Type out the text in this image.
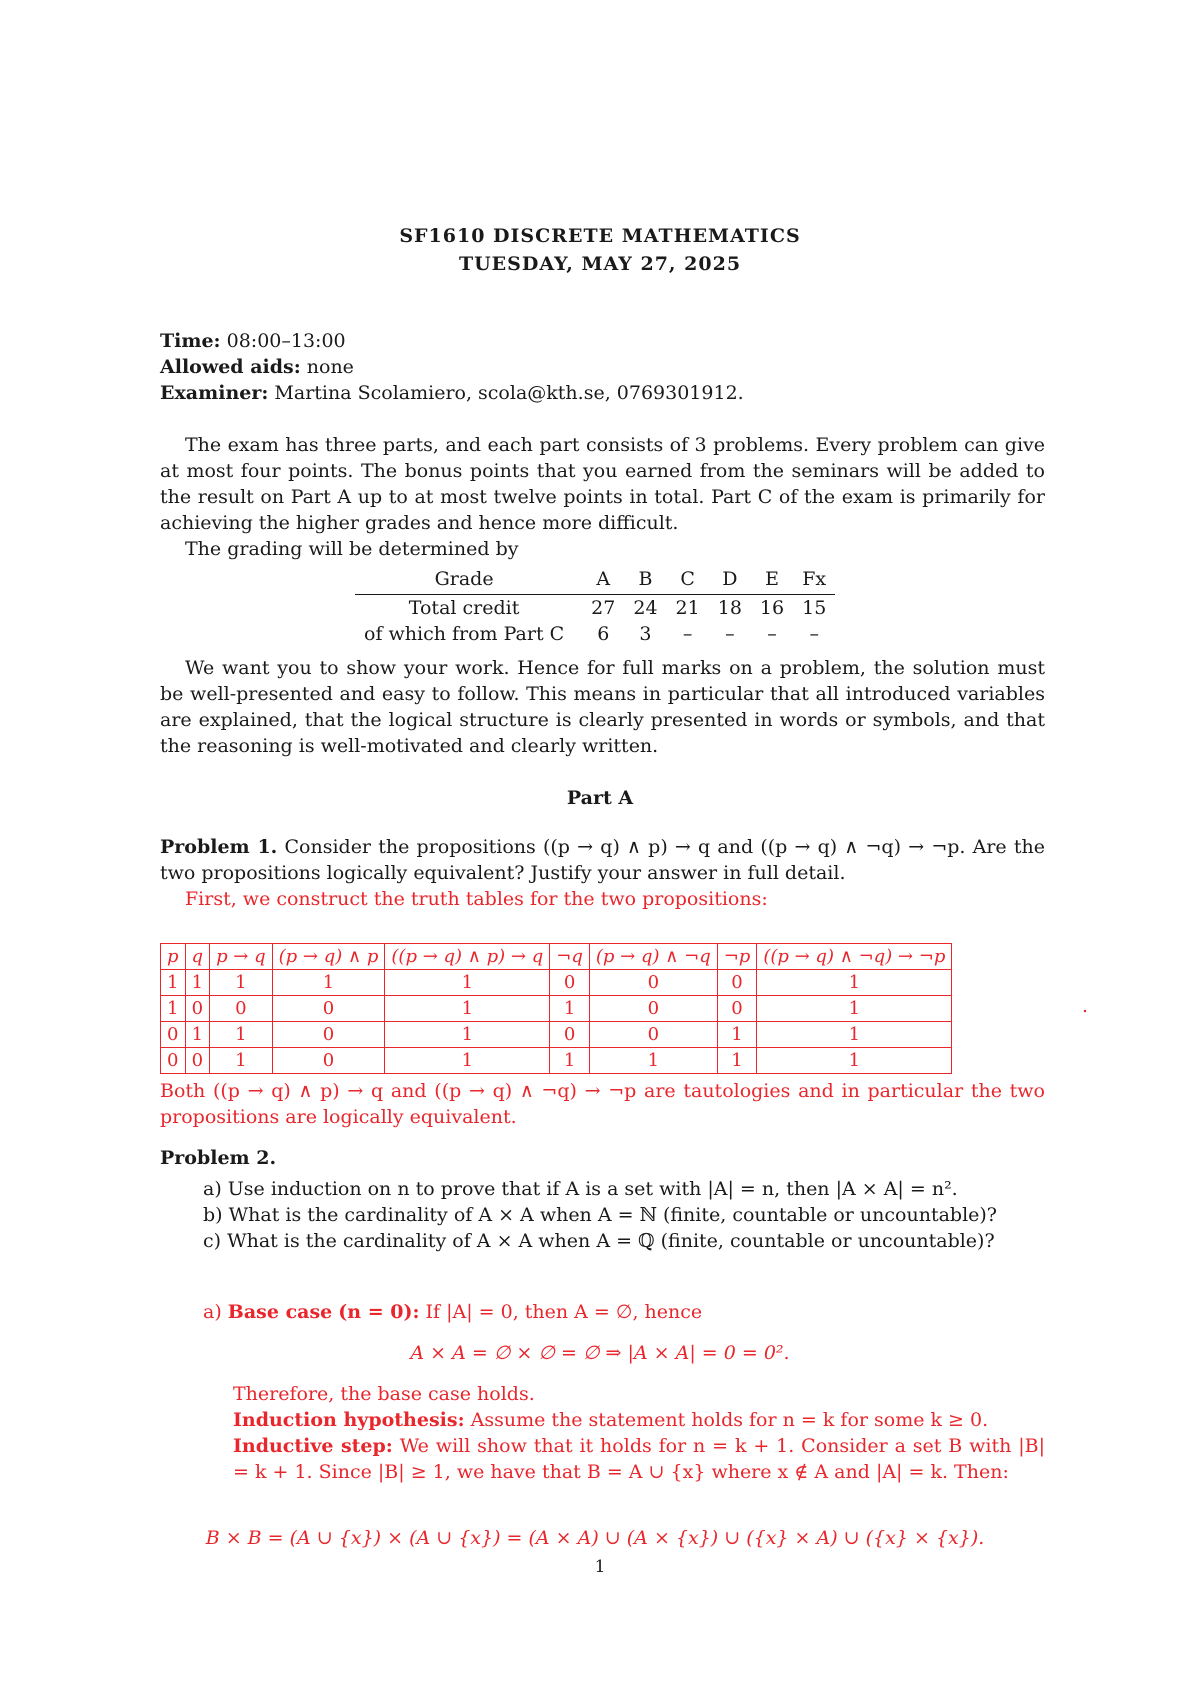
SF1610 DISCRETE MATHEMATICS
TUESDAY, MAY 27, 2025
Time: 08:00–13:00
Allowed aids: none
Examiner: Martina Scolamiero, scola@kth.se, 0769301912.
The exam has three parts, and each part consists of 3 problems. Every problem can give at most four points. The bonus points that you earned from the seminars will be added to the result on Part A up to at most twelve points in total. Part C of the exam is primarily for achieving the higher grades and hence more difficult.
The grading will be determined by
Grade	A	B	C	D	E	Fx
Total credit	27	24	21	18	16	15
of which from Part C	6	3	–	–	–	–
We want you to show your work. Hence for full marks on a problem, the solution must be well-presented and easy to follow. This means in particular that all introduced variables are explained, that the logical structure is clearly presented in words or symbols, and that the reasoning is well-motivated and clearly written.
Part A
Problem 1. Consider the propositions ((p → q) ∧ p) → q and ((p → q) ∧ ¬q) → ¬p. Are the two propositions logically equivalent? Justify your answer in full detail.
First, we construct the truth tables for the two propositions:
p	q	p → q	(p → q) ∧ p	((p → q) ∧ p) → q	¬q	(p → q) ∧ ¬q	¬p	((p → q) ∧ ¬q) → ¬p
1	1	1	1	1	0	0	0	1
1	0	0	0	1	1	0	0	1
0	1	1	0	1	0	0	1	1
0	0	1	0	1	1	1	1	1
.
Both ((p → q) ∧ p) → q and ((p → q) ∧ ¬q) → ¬p are tautologies and in particular the two propositions are logically equivalent.
Problem 2.
a) Use induction on n to prove that if A is a set with |A| = n, then |A × A| = n².
b) What is the cardinality of A × A when A = ℕ (finite, countable or uncountable)?
c) What is the cardinality of A × A when A = ℚ (finite, countable or uncountable)?
a) Base case (n = 0): If |A| = 0, then A = ∅, hence
A × A = ∅ × ∅ = ∅ ⇒ |A × A| = 0 = 0².
Therefore, the base case holds.
Induction hypothesis: Assume the statement holds for n = k for some k ≥ 0.
Inductive step: We will show that it holds for n = k + 1. Consider a set B with |B| = k + 1. Since |B| ≥ 1, we have that B = A ∪ {x} where x ∉ A and |A| = k. Then:
B × B = (A ∪ {x}) × (A ∪ {x}) = (A × A) ∪ (A × {x}) ∪ ({x} × A) ∪ ({x} × {x}).
1
